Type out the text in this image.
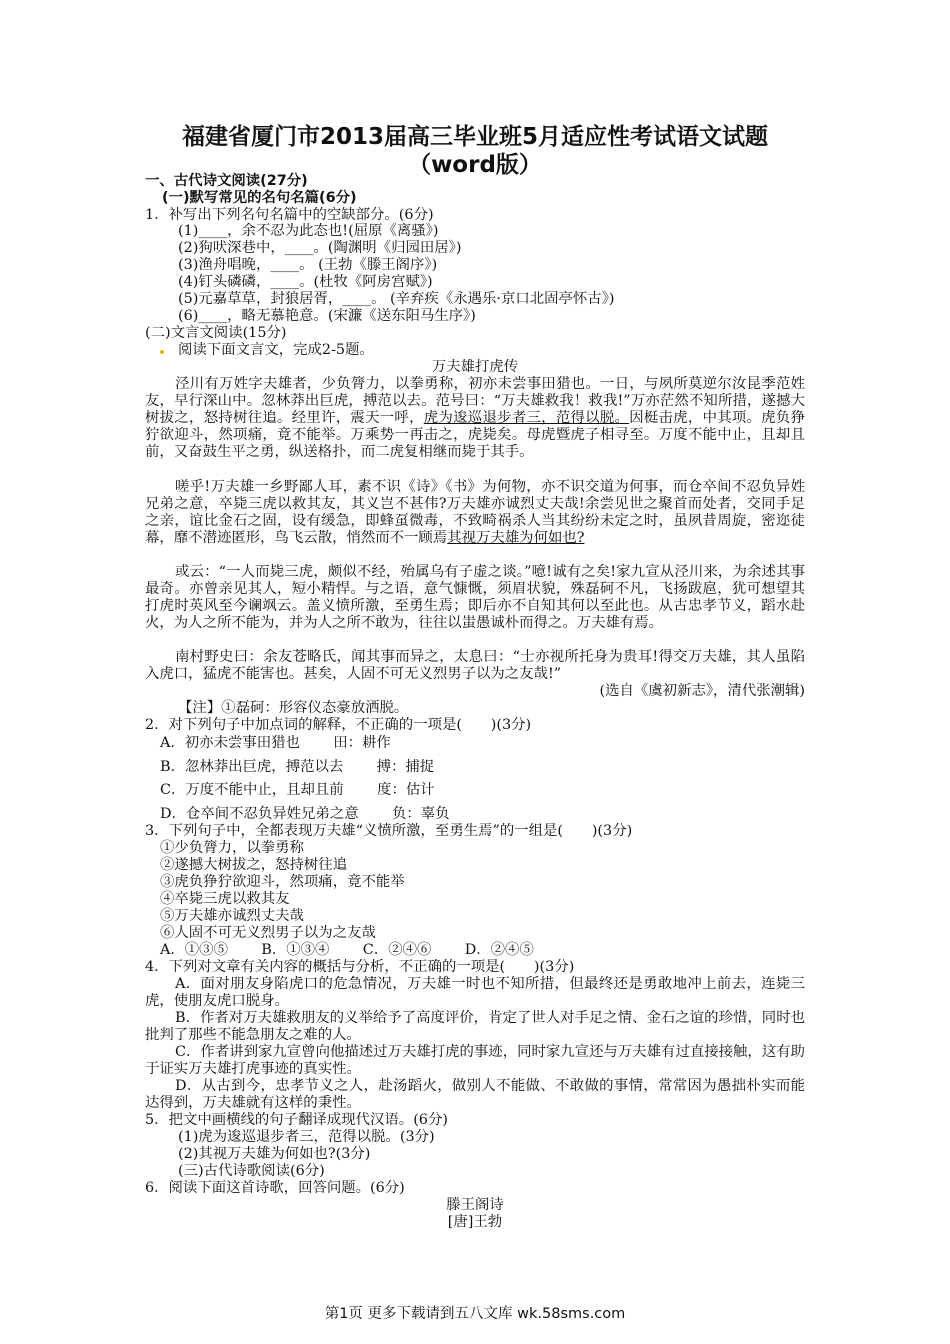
福建省厦门市2013届高三毕业班5月适应性考试语文试题
（word版）
一、古代诗文阅读(27分)
(一)默写常见的名句名篇(6分)
1．补写出下列名句名篇中的空缺部分。(6分)
(1)____，余不忍为此态也!(屈原《离骚》)
(2)狗吠深巷中，____。(陶渊明《归园田居》)
(3)渔舟唱晚，____。 (王勃《滕王阁序》)
(4)钉头磷磷，____。(杜牧《阿房宫赋》)
(5)元嘉草草，封狼居胥，____。 (辛弃疾《永遇乐·京口北固亭怀古》)
(6)____，略无慕艳意。(宋濂《送东阳马生序》)
(二)文言文阅读(15分)
阅读下面文言文，完成2-5题。
万夫雄打虎传
泾川有万姓字夫雄者，少负膂力，以拳勇称，初亦未尝事田猎也。一日，与夙所莫逆尔汝昆季范姓友，早行深山中。忽林莽出巨虎，搏范以去。范号曰：“万夫雄救我！救我!”万亦茫然不知所措，遂撼大树拔之，怒持树往追。经里许，震天一呼，虎为逡巡退步者三，范得以脱。因梃击虎，中其项。虎负狰狞欲迎斗，然项痛，竟不能举。万乘势一再击之，虎毙矣。母虎暨虎子相寻至。万度不能中止，且却且前，又奋鼓生平之勇，纵送格扑，而二虎复相继而毙于其手。
嗟乎!万夫雄一乡野鄙人耳，素不识《诗》《书》为何物，亦不识交道为何事，而仓卒间不忍负异姓兄弟之意，卒毙三虎以救其友，其义岂不甚伟?万夫雄亦诚烈丈夫哉!余尝见世之聚首而处者，交同手足之亲，谊比金石之固，设有缓急，即蜂虿微毒，不致畸祸杀人当其纷纷未定之时，虽夙昔周旋，密迩徒幕，靡不潜迹匿形，鸟飞云散，悄然而不一顾焉其视万夫雄为何如也?
或云：“一人而毙三虎，颇似不经，殆属乌有子虚之谈。”噫!诚有之矣!家九宣从泾川来，为余述其事最奇。亦曾亲见其人，短小精悍。与之语，意气慷慨，须眉状貌，殊磊砢不凡，飞扬跋扈，犹可想望其打虎时英风至今谰飒云。盖义愤所激，至勇生焉；即后亦不自知其何以至此也。从古忠孝节义，蹈水赴火，为人之所不能为，并为人之所不敢为，往往以蚩愚诚朴而得之。万夫雄有焉。
南村野史曰：余友苍略氏，闻其事而异之，太息曰：“士亦视所托身为贵耳!得交万夫雄，其人虽陷入虎口，猛虎不能害也。甚矣，人固不可无义烈男子以为之友哉!”
(选自《虞初新志》，清代张潮辑)
【注】①磊砢：形容仪态豪放洒脱。
2．对下列句子中加点词的解释，不正确的一项是(　　)(3分)
A．初亦未尝事田猎也　　 田：耕作
B．忽林莽出巨虎，搏范以去　　 搏：捕捉
C．万度不能中止，且却且前　　 度：估计
D．仓卒间不忍负异姓兄弟之意　　 负：辜负
3．下列句子中，全都表现万夫雄“义愤所激，至勇生焉”的一组是(　　)(3分)
①少负膂力，以拳勇称
②遂撼大树拔之，怒持树往追
③虎负狰狞欲迎斗，然项痛，竟不能举
④卒毙三虎以救其友
⑤万夫雄亦诚烈丈夫哉
⑥人固不可无义烈男子以为之友哉
A．①③⑤　　 B．①③④　　 C．②④⑥　　 D．②④⑤
4．下列对文章有关内容的概括与分析，不正确的一项是(　　)(3分)
A．面对朋友身陷虎口的危急情况，万夫雄一时也不知所措，但最终还是勇敢地冲上前去，连毙三虎，使朋友虎口脱身。
B．作者对万夫雄救朋友的义举给予了高度评价，肯定了世人对手足之情、金石之谊的珍惜，同时也批判了那些不能急朋友之难的人。
C．作者讲到家九宣曾向他描述过万夫雄打虎的事迹，同时家九宣还与万夫雄有过直接接触，这有助于证实万夫雄打虎事迹的真实性。
D．从古到今，忠孝节义之人，赴汤蹈火，做别人不能做、不敢做的事情，常常因为愚拙朴实而能达得到，万夫雄就有这样的秉性。
5．把文中画横线的句子翻译成现代汉语。(6分)
(1)虎为逡巡退步者三，范得以脱。(3分)
(2)其视万夫雄为何如也?(3分)
(三)古代诗歌阅读(6分)
6．阅读下面这首诗歌，回答问题。(6分)
滕王阁诗
[唐]王勃
第1页 更多下载请到五八文库 wk.58sms.com
